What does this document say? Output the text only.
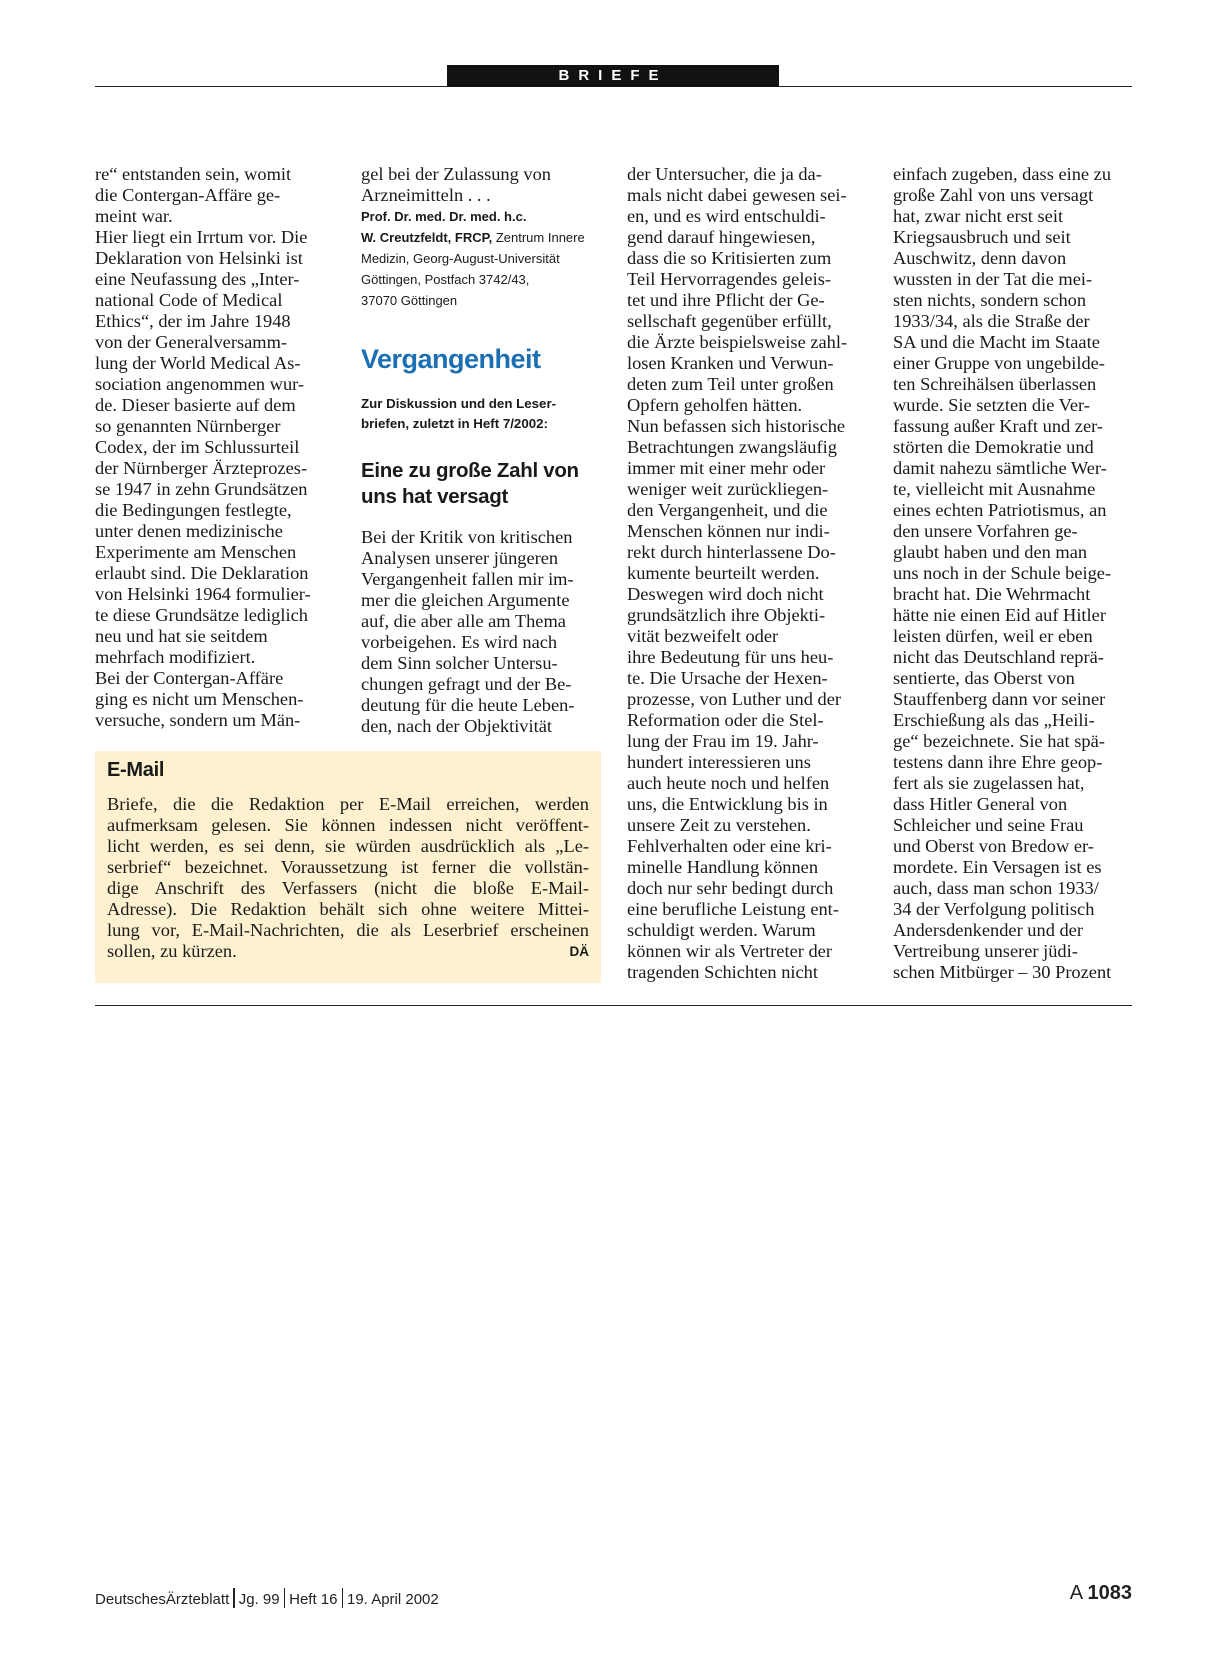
BRIEFE
re“ entstanden sein, womit
die Contergan-Affäre ge-
meint war.
Hier liegt ein Irrtum vor. Die
Deklaration von Helsinki ist
eine Neufassung des „Inter-
national Code of Medical
Ethics“, der im Jahre 1948
von der Generalversamm-
lung der World Medical As-
sociation angenommen wur-
de. Dieser basierte auf dem
so genannten Nürnberger
Codex, der im Schlussurteil
der Nürnberger Ärzteprozes-
se 1947 in zehn Grundsätzen
die Bedingungen festlegte,
unter denen medizinische
Experimente am Menschen
erlaubt sind. Die Deklaration
von Helsinki 1964 formulier-
te diese Grundsätze lediglich
neu und hat sie seitdem
mehrfach modifiziert.
Bei der Contergan-Affäre
ging es nicht um Menschen-
versuche, sondern um Män-
gel bei der Zulassung von
Arzneimitteln . . .
Prof. Dr. med. Dr. med. h.c.
W. Creutzfeldt, FRCP, Zentrum Innere
Medizin, Georg-August-Universität
Göttingen, Postfach 3742/43,
37070 Göttingen
Vergangenheit
Zur Diskussion und den Leser-
briefen, zuletzt in Heft 7/2002:
Eine zu große Zahl von
uns hat versagt
Bei der Kritik von kritischen
Analysen unserer jüngeren
Vergangenheit fallen mir im-
mer die gleichen Argumente
auf, die aber alle am Thema
vorbeigehen. Es wird nach
dem Sinn solcher Untersu-
chungen gefragt und der Be-
deutung für die heute Leben-
den, nach der Objektivität
der Untersucher, die ja da-
mals nicht dabei gewesen sei-
en, und es wird entschuldi-
gend darauf hingewiesen,
dass die so Kritisierten zum
Teil Hervorragendes geleis-
tet und ihre Pflicht der Ge-
sellschaft gegenüber erfüllt,
die Ärzte beispielsweise zahl-
losen Kranken und Verwun-
deten zum Teil unter großen
Opfern geholfen hätten.
Nun befassen sich historische
Betrachtungen zwangsläufig
immer mit einer mehr oder
weniger weit zurückliegen-
den Vergangenheit, und die
Menschen können nur indi-
rekt durch hinterlassene Do-
kumente beurteilt werden.
Deswegen wird doch nicht
grundsätzlich ihre Objekti-
vität bezweifelt oder
ihre Bedeutung für uns heu-
te. Die Ursache der Hexen-
prozesse, von Luther und der
Reformation oder die Stel-
lung der Frau im 19. Jahr-
hundert interessieren uns
auch heute noch und helfen
uns, die Entwicklung bis in
unsere Zeit zu verstehen.
Fehlverhalten oder eine kri-
minelle Handlung können
doch nur sehr bedingt durch
eine berufliche Leistung ent-
schuldigt werden. Warum
können wir als Vertreter der
tragenden Schichten nicht
einfach zugeben, dass eine zu
große Zahl von uns versagt
hat, zwar nicht erst seit
Kriegsausbruch und seit
Auschwitz, denn davon
wussten in der Tat die mei-
sten nichts, sondern schon
1933/34, als die Straße der
SA und die Macht im Staate
einer Gruppe von ungebilde-
ten Schreihälsen überlassen
wurde. Sie setzten die Ver-
fassung außer Kraft und zer-
störten die Demokratie und
damit nahezu sämtliche Wer-
te, vielleicht mit Ausnahme
eines echten Patriotismus, an
den unsere Vorfahren ge-
glaubt haben und den man
uns noch in der Schule beige-
bracht hat. Die Wehrmacht
hätte nie einen Eid auf Hitler
leisten dürfen, weil er eben
nicht das Deutschland reprä-
sentierte, das Oberst von
Stauffenberg dann vor seiner
Erschießung als das „Heili-
ge“ bezeichnete. Sie hat spä-
testens dann ihre Ehre geop-
fert als sie zugelassen hat,
dass Hitler General von
Schleicher und seine Frau
und Oberst von Bredow er-
mordete. Ein Versagen ist es
auch, dass man schon 1933/
34 der Verfolgung politisch
Andersdenkender und der
Vertreibung unserer jüdi-
schen Mitbürger – 30 Prozent
E-Mail
Briefe, die die Redaktion per E-Mail erreichen, werden
aufmerksam gelesen. Sie können indessen nicht veröffent-
licht werden, es sei denn, sie würden ausdrücklich als „Le-
serbrief“ bezeichnet. Voraussetzung ist ferner die vollstän-
dige Anschrift des Verfassers (nicht die bloße E-Mail-
Adresse). Die Redaktion behält sich ohne weitere Mittei-
lung vor, E-Mail-Nachrichten, die als Leserbrief erscheinen
sollen, zu kürzen.	DÄ
DeutschesÄrzteblatt Jg. 99 Heft 16 19. April 2002	A 1083
